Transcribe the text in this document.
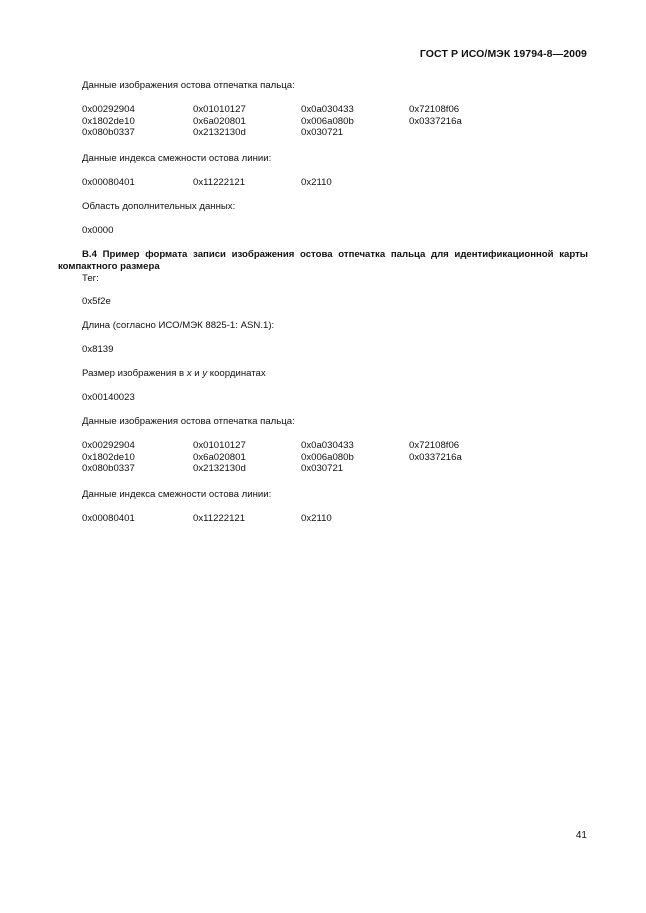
ГОСТ Р ИСО/МЭК 19794-8—2009
Данные изображения остова отпечатка пальца:
0x00292904	0x01010127	0x0a030433	0x72108f06
0x1802de10	0x6a020801	0x006a080b	0x0337216a
0x080b0337	0x2132130d	0x030721
Данные индекса смежности остова линии:
0x00080401	0x11222121	0x2110
Область дополнительных данных:
0x0000
В.4 Пример формата записи изображения остова отпечатка пальца для идентификационной карты компактного размера
Тег:
0x5f2e
Длина (согласно ИСО/МЭК 8825-1: ASN.1):
0x8139
Размер изображения в x и y координатах
0x00140023
Данные изображения остова отпечатка пальца:
0x00292904	0x01010127	0x0a030433	0x72108f06
0x1802de10	0x6a020801	0x006a080b	0x0337216a
0x080b0337	0x2132130d	0x030721
Данные индекса смежности остова линии:
0x00080401	0x11222121	0x2110
41
